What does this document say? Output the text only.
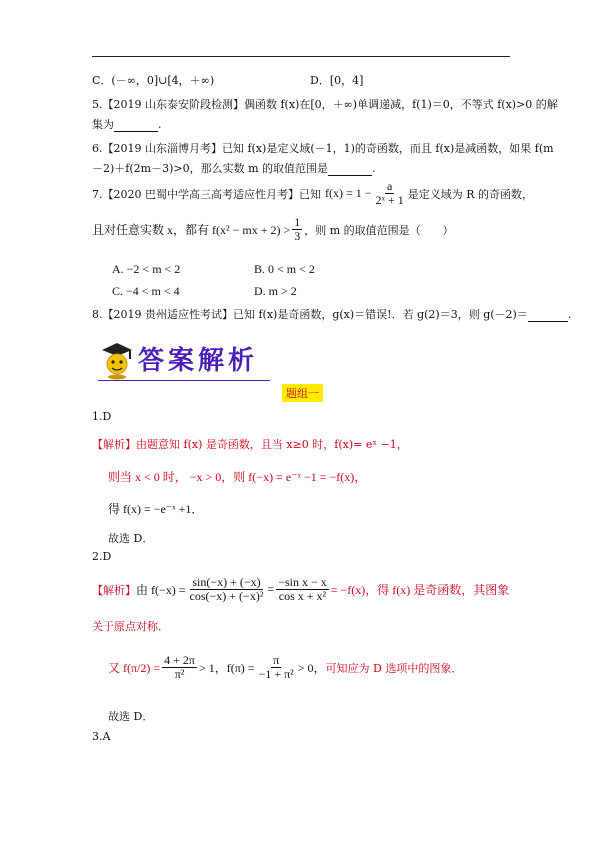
C．(－∞，0]∪[4，＋∞)	D．[0，4]
5.【2019 山东泰安阶段检测】偶函数 f(x)在[0，＋∞)单调递减，f(1)＝0，不等式 f(x)>0 的解
集为	.
6.【2019 山东淄博月考】已知 f(x)是定义域(－1，1)的奇函数，而且 f(x)是减函数，如果 f(m
－2)＋f(2m－3)>0，那么实数 m 的取值范围是	.
7.【2020 巴蜀中学高三高考适应性月考】已知 $f(x) = 1 - \frac{a}{\text{2ˣ + 1}}$ 是定义域为 R 的奇函数，
且对任意实数 x，都有 f(x² − mx + $2) > \frac{1}{3}$ ，则 m 的取值范围是（　　）
A. −2 < m < 2	B. 0 < m < 2
C. −4 < m < 4	D. m > 2
8.【2019 贵州适应性考试】已知 f(x)是奇函数，g(x)＝错误!．若 g(2)＝3，则 g(－2)＝	.
答案解析
题组一
1.D
【解析】由题意知 f(x) 是奇函数，且当 x≥0 时，f(x)= eˣ −1，
则当 x < 0 时， −x > 0，则 f(−x) = e⁻ˣ −1 = −f(x)，
得 f(x) = −e⁻ˣ +1．
故选 D．
2.D
【解析】 由 $f(-x) = \frac{\sin(-x) + (-x)}{\text{cos(−x) + (−x)²}} = \frac{\text{−sin x − x}}{\text{cos x + x²}} = -f(x)$，得 f(x) 是奇函数，其图象
关于原点对称．
又 $f(\pi/2) = \frac{4 + 2\pi}{\text{π²}} > 1$，$f(\pi) = \frac{\pi}{\text{−1 + π²}} > 0$， 可知应为 D 选项中的图象．
故选 D．
3.A
